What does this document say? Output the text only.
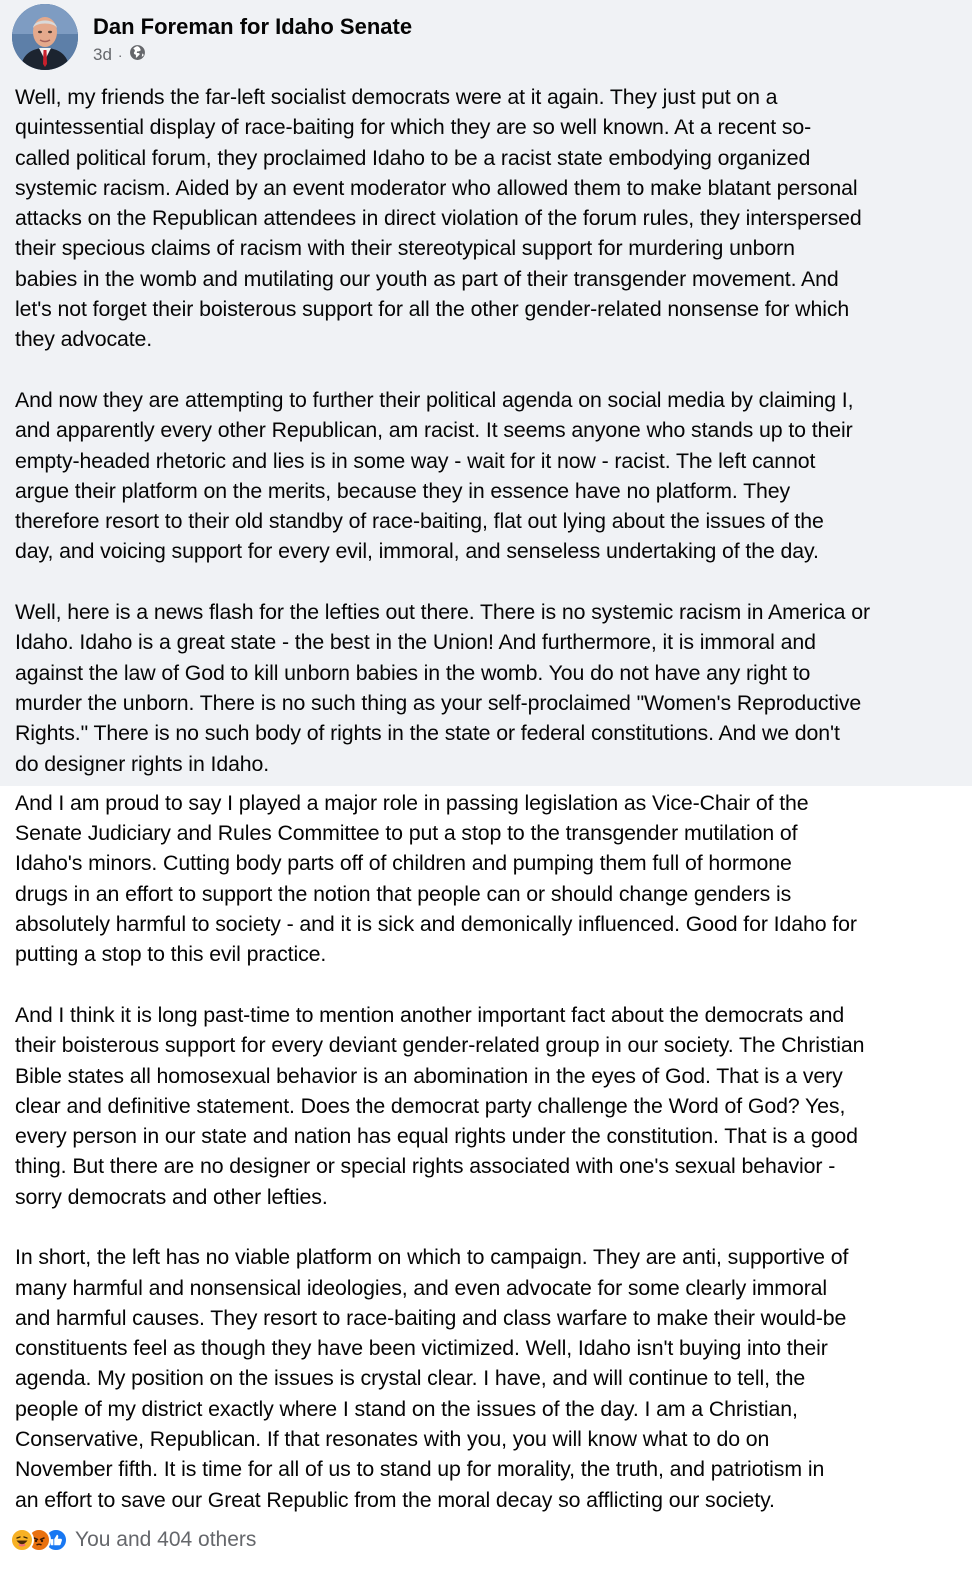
Dan Foreman for Idaho Senate
3d ·

Well, my friends the far-left socialist democrats were at it again. They just put on a
quintessential display of race-baiting for which they are so well known. At a recent so-
called political forum, they proclaimed Idaho to be a racist state embodying organized
systemic racism. Aided by an event moderator who allowed them to make blatant personal
attacks on the Republican attendees in direct violation of the forum rules, they interspersed
their specious claims of racism with their stereotypical support for murdering unborn
babies in the womb and mutilating our youth as part of their transgender movement. And
let's not forget their boisterous support for all the other gender-related nonsense for which
they advocate.

And now they are attempting to further their political agenda on social media by claiming I,
and apparently every other Republican, am racist. It seems anyone who stands up to their
empty-headed rhetoric and lies is in some way - wait for it now - racist. The left cannot
argue their platform on the merits, because they in essence have no platform. They
therefore resort to their old standby of race-baiting, flat out lying about the issues of the
day, and voicing support for every evil, immoral, and senseless undertaking of the day.

Well, here is a news flash for the lefties out there. There is no systemic racism in America or
Idaho. Idaho is a great state - the best in the Union! And furthermore, it is immoral and
against the law of God to kill unborn babies in the womb. You do not have any right to
murder the unborn. There is no such thing as your self-proclaimed "Women's Reproductive
Rights." There is no such body of rights in the state or federal constitutions. And we don't
do designer rights in Idaho.

And I am proud to say I played a major role in passing legislation as Vice-Chair of the
Senate Judiciary and Rules Committee to put a stop to the transgender mutilation of
Idaho's minors. Cutting body parts off of children and pumping them full of hormone
drugs in an effort to support the notion that people can or should change genders is
absolutely harmful to society - and it is sick and demonically influenced. Good for Idaho for
putting a stop to this evil practice.

And I think it is long past-time to mention another important fact about the democrats and
their boisterous support for every deviant gender-related group in our society. The Christian
Bible states all homosexual behavior is an abomination in the eyes of God. That is a very
clear and definitive statement. Does the democrat party challenge the Word of God? Yes,
every person in our state and nation has equal rights under the constitution. That is a good
thing. But there are no designer or special rights associated with one's sexual behavior -
sorry democrats and other lefties.

In short, the left has no viable platform on which to campaign. They are anti, supportive of
many harmful and nonsensical ideologies, and even advocate for some clearly immoral
and harmful causes. They resort to race-baiting and class warfare to make their would-be
constituents feel as though they have been victimized. Well, Idaho isn't buying into their
agenda. My position on the issues is crystal clear. I have, and will continue to tell, the
people of my district exactly where I stand on the issues of the day. I am a Christian,
Conservative, Republican. If that resonates with you, you will know what to do on
November fifth. It is time for all of us to stand up for morality, the truth, and patriotism in
an effort to save our Great Republic from the moral decay so afflicting our society.

You and 404 others
